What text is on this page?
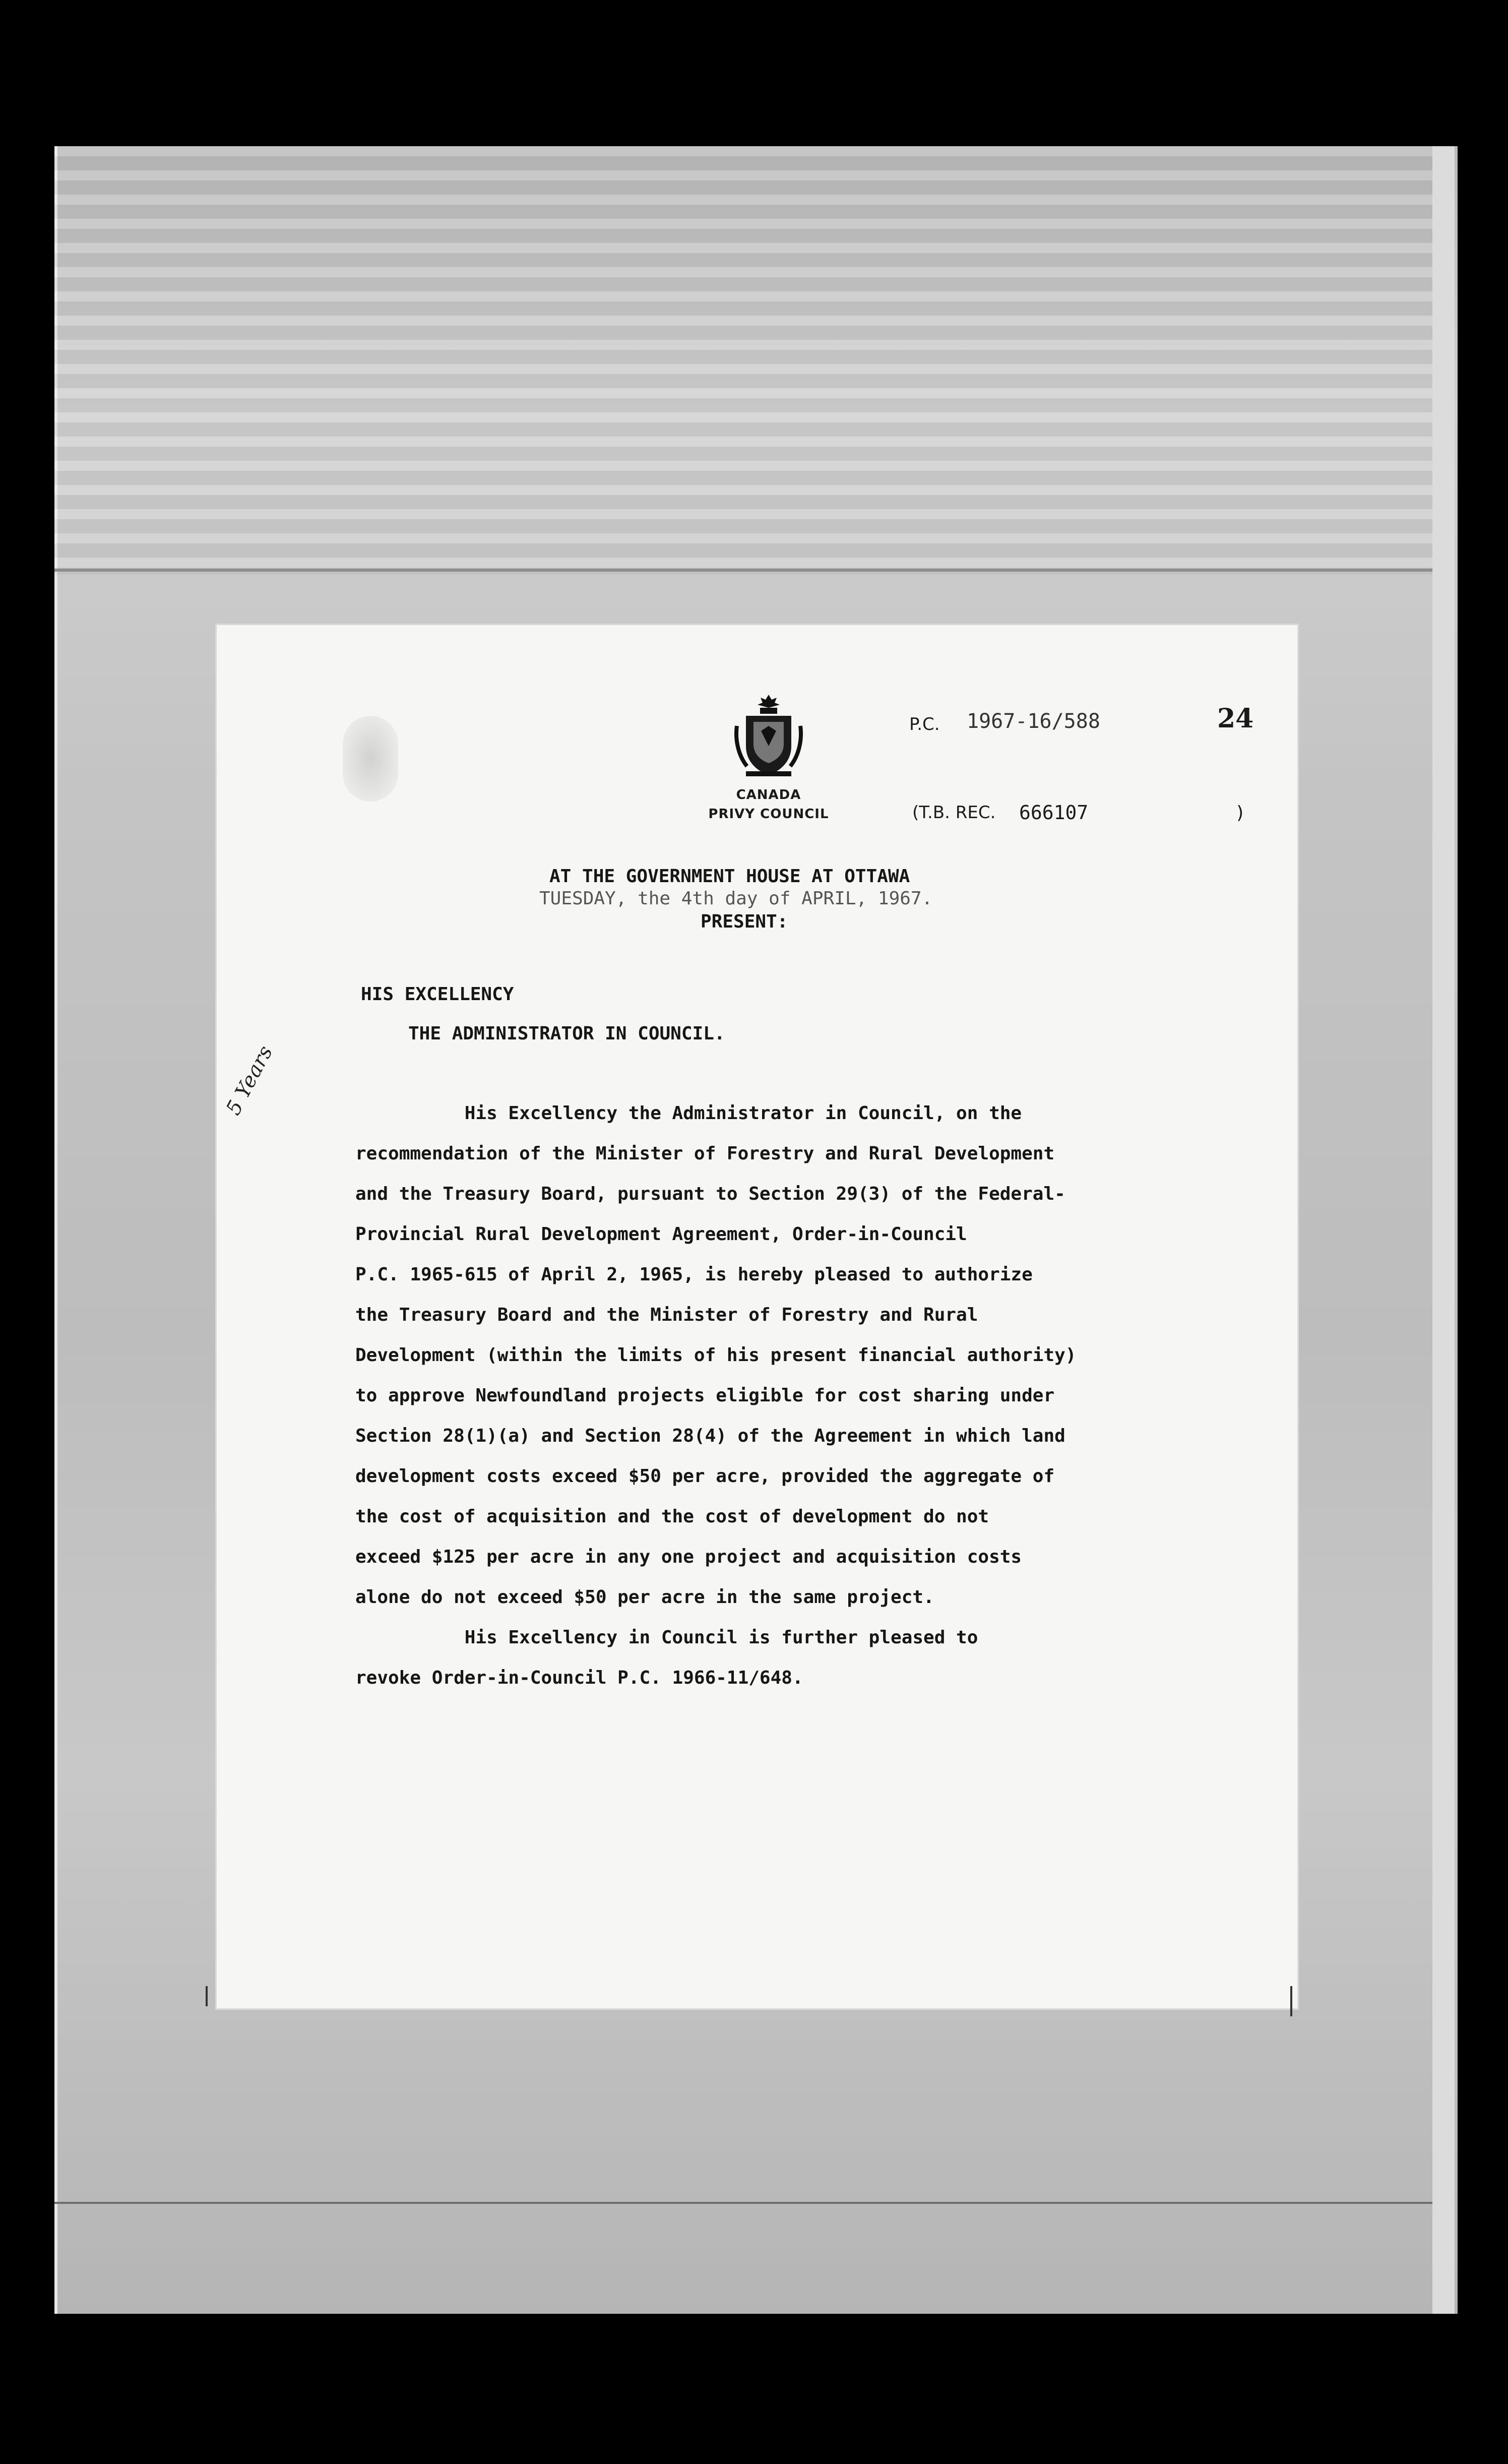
CANADA
PRIVY COUNCIL
P.C. 1967-16/588	24
(T.B. REC. 666107	)
AT THE GOVERNMENT HOUSE AT OTTAWA
TUESDAY, the 4th day of APRIL, 1967.
PRESENT:
HIS EXCELLENCY
THE ADMINISTRATOR IN COUNCIL.
5 Years	His Excellency the Administrator in Council, on the
recommendation of the Minister of Forestry and Rural Development
and the Treasury Board, pursuant to Section 29(3) of the Federal-
Provincial Rural Development Agreement, Order-in-Council
P.C. 1965-615 of April 2, 1965, is hereby pleased to authorize
the Treasury Board and the Minister of Forestry and Rural
Development (within the limits of his present financial authority)
to approve Newfoundland projects eligible for cost sharing under
Section 28(1)(a) and Section 28(4) of the Agreement in which land
development costs exceed $50 per acre, provided the aggregate of
the cost of acquisition and the cost of development do not
exceed $125 per acre in any one project and acquisition costs
alone do not exceed $50 per acre in the same project.
His Excellency in Council is further pleased to
revoke Order-in-Council P.C. 1966-11/648.
